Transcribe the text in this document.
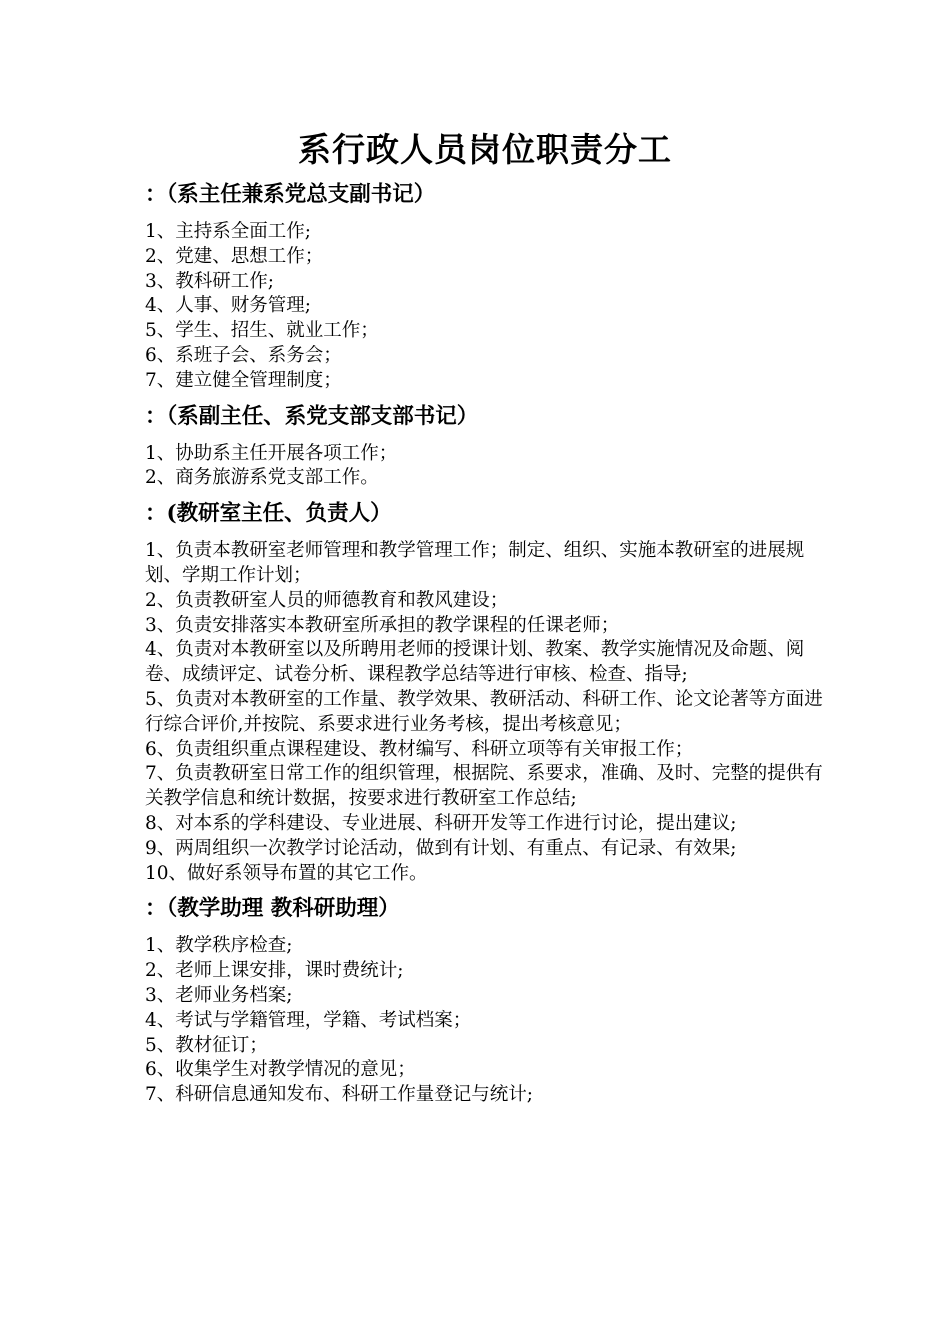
系行政人员岗位职责分工
：（系主任兼系党总支副书记）
1、主持系全面工作;
2、党建、思想工作；
3、教科研工作;
4、人事、财务管理;
5、学生、招生、就业工作；
6、系班子会、系务会；
7、建立健全管理制度；
：（系副主任、系党支部支部书记）
1、协助系主任开展各项工作；
2、商务旅游系党支部工作。
：(教研室主任、负责人）
1、负责本教研室老师管理和教学管理工作；制定、组织、实施本教研室的进展规划、学期工作计划；
2、负责教研室人员的师德教育和教风建设；
3、负责安排落实本教研室所承担的教学课程的任课老师；
4、负责对本教研室以及所聘用老师的授课计划、教案、教学实施情况及命题、阅卷、成绩评定、试卷分析、课程教学总结等进行审核、检查、指导;
5、负责对本教研室的工作量、教学效果、教研活动、科研工作、论文论著等方面进行综合评价,并按院、系要求进行业务考核，提出考核意见；
6、负责组织重点课程建设、教材编写、科研立项等有关审报工作；
7、负责教研室日常工作的组织管理，根据院、系要求，准确、及时、完整的提供有关教学信息和统计数据，按要求进行教研室工作总结;
8、对本系的学科建设、专业进展、科研开发等工作进行讨论，提出建议;
9、两周组织一次教学讨论活动，做到有计划、有重点、有记录、有效果;
10、做好系领导布置的其它工作。
：（教学助理 教科研助理）
1、教学秩序检查;
2、老师上课安排，课时费统计;
3、老师业务档案;
4、考试与学籍管理，学籍、考试档案；
5、教材征订；
6、收集学生对教学情况的意见；
7、科研信息通知发布、科研工作量登记与统计;
